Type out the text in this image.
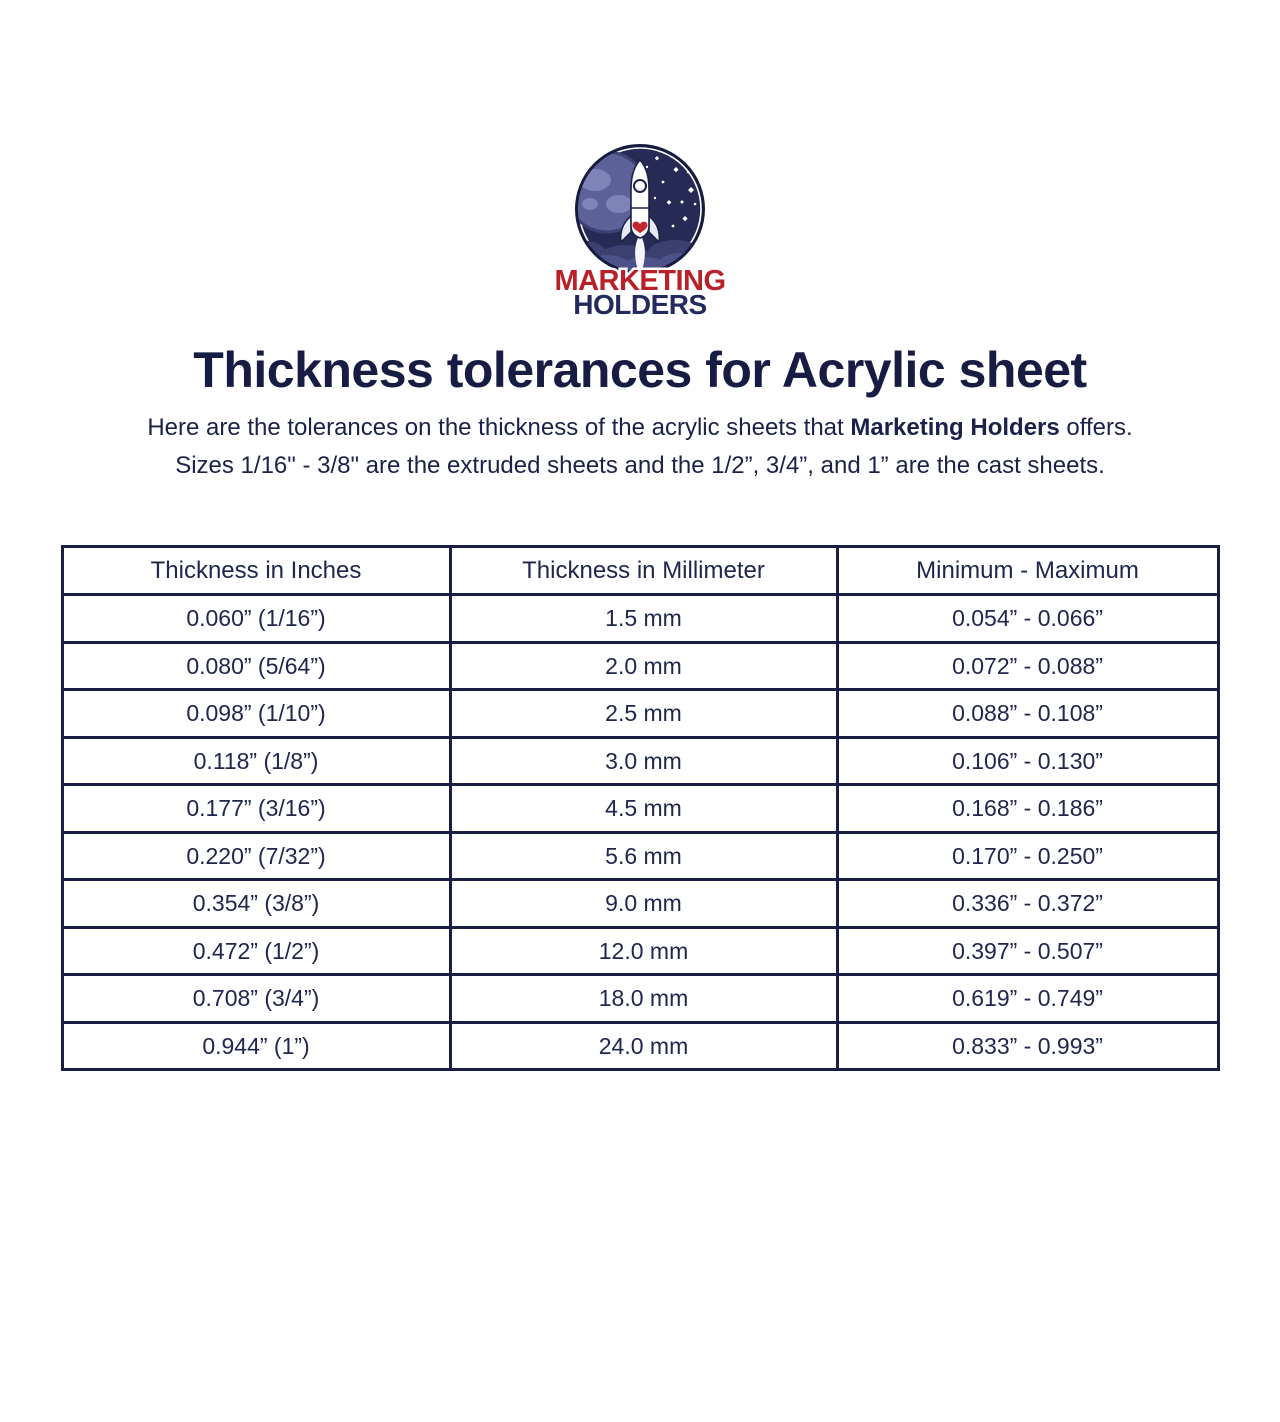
MARKETING
HOLDERS
Thickness tolerances for Acrylic sheet

Here are the tolerances on the thickness of the acrylic sheets that Marketing Holders offers.

Sizes 1/16" - 3/8" are the extruded sheets and the 1/2”, 3/4”, and 1” are the cast sheets.

Thickness in Inches	Thickness in Millimeter	Minimum - Maximum
0.060” (1/16”)	1.5 mm	0.054” - 0.066”
0.080” (5/64”)	2.0 mm	0.072” - 0.088”
0.098” (1/10”)	2.5 mm	0.088” - 0.108”
0.118” (1/8”)	3.0 mm	0.106” - 0.130”
0.177” (3/16”)	4.5 mm	0.168” - 0.186”
0.220” (7/32”)	5.6 mm	0.170” - 0.250”
0.354” (3/8”)	9.0 mm	0.336” - 0.372”
0.472” (1/2”)	12.0 mm	0.397” - 0.507”
0.708” (3/4”)	18.0 mm	0.619” - 0.749”
0.944” (1”)	24.0 mm	0.833” - 0.993”
